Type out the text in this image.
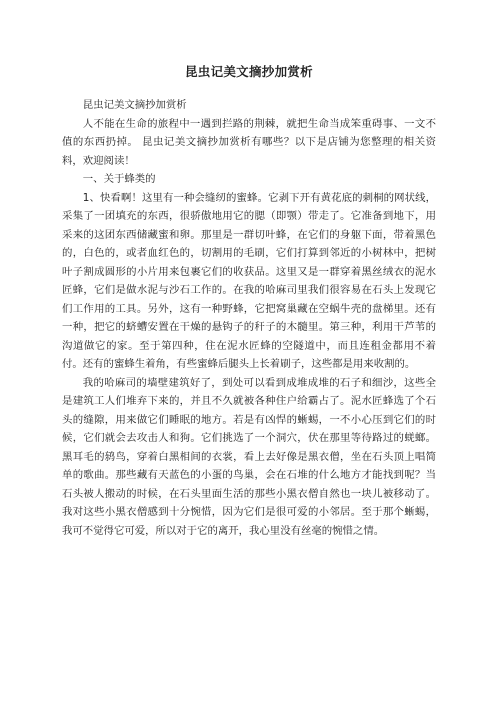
昆虫记美文摘抄加赏析

昆虫记美文摘抄加赏析

人不能在生命的旅程中一遇到拦路的荆棘，就把生命当成笨重碍事、一文不值的东西扔掉。 昆虫记美文摘抄加赏析有哪些？以下是店铺为您整理的相关资料，欢迎阅读！

一、关于蜂类的

1、快看啊！这里有一种会缝纫的蜜蜂。它剥下开有黄花底的刺桐的网状线，采集了一团填充的东西，很骄傲地用它的腮（即颚）带走了。它准备到地下，用采来的这团东西储藏蜜和卵。那里是一群切叶蜂，在它们的身躯下面，带着黑色的，白色的，或者血红色的，切割用的毛刷，它们打算到邻近的小树林中，把树叶子割成圆形的小片用来包裹它们的收获品。这里又是一群穿着黑丝绒衣的泥水匠蜂，它们是做水泥与沙石工作的。在我的哈麻司里我们很容易在石头上发现它们工作用的工具。另外，这有一种野蜂，它把窝巢藏在空蜗牛壳的盘梯里。还有一种，把它的蛴螬安置在干燥的悬钩子的秆子的木髓里。第三种，利用干芦苇的沟道做它的家。至于第四种，住在泥水匠蜂的空隧道中，而且连租金都用不着付。还有的蜜蜂生着角，有些蜜蜂后腿头上长着刷子，这些都是用来收割的。

我的哈麻司的墙壁建筑好了，到处可以看到成堆成堆的石子和细沙，这些全是建筑工人们堆弃下来的，并且不久就被各种住户给霸占了。泥水匠蜂选了个石头的缝隙，用来做它们睡眠的地方。若是有凶悍的蜥蜴，一不小心压到它们的时候，它们就会去攻击人和狗。它们挑选了一个洞穴，伏在那里等待路过的蜣螂。黑耳毛的鸫鸟，穿着白黑相间的衣裳，看上去好像是黑衣僧，坐在石头顶上唱简单的歌曲。那些藏有天蓝色的小蛋的鸟巢，会在石堆的什么地方才能找到呢？当石头被人搬动的时候，在石头里面生活的那些小黑衣僧自然也一块儿被移动了。我对这些小黑衣僧感到十分惋惜，因为它们是很可爱的小邻居。至于那个蜥蜴，我可不觉得它可爱，所以对于它的离开，我心里没有丝毫的惋惜之情。
